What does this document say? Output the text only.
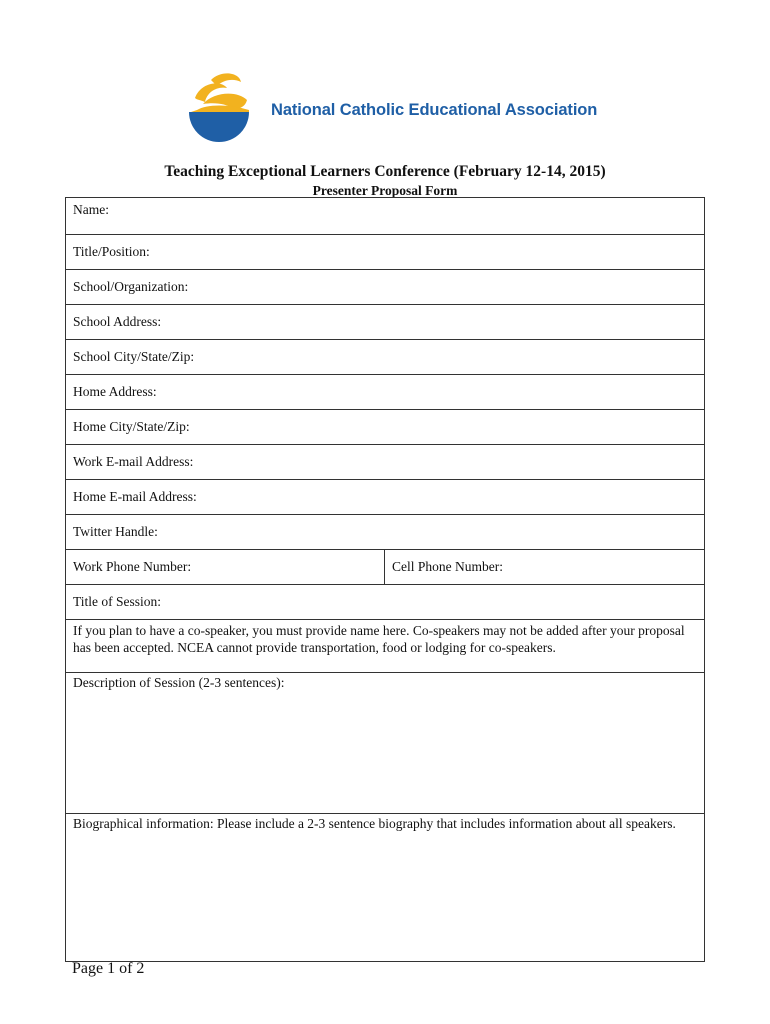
National Catholic Educational Association
Teaching Exceptional Learners Conference (February 12-14, 2015)
Presenter Proposal Form
Name:
Title/Position:
School/Organization:
School Address:
School City/State/Zip:
Home Address:
Home City/State/Zip:
Work E-mail Address:
Home E-mail Address:
Twitter Handle:
Work Phone Number:	Cell Phone Number:
Title of Session:
If you plan to have a co-speaker, you must provide name here. Co-speakers may not be added after your proposal has been accepted. NCEA cannot provide transportation, food or lodging for co-speakers.
Description of Session (2-3 sentences):
Biographical information: Please include a 2-3 sentence biography that includes information about all speakers.
Page 1 of 2
